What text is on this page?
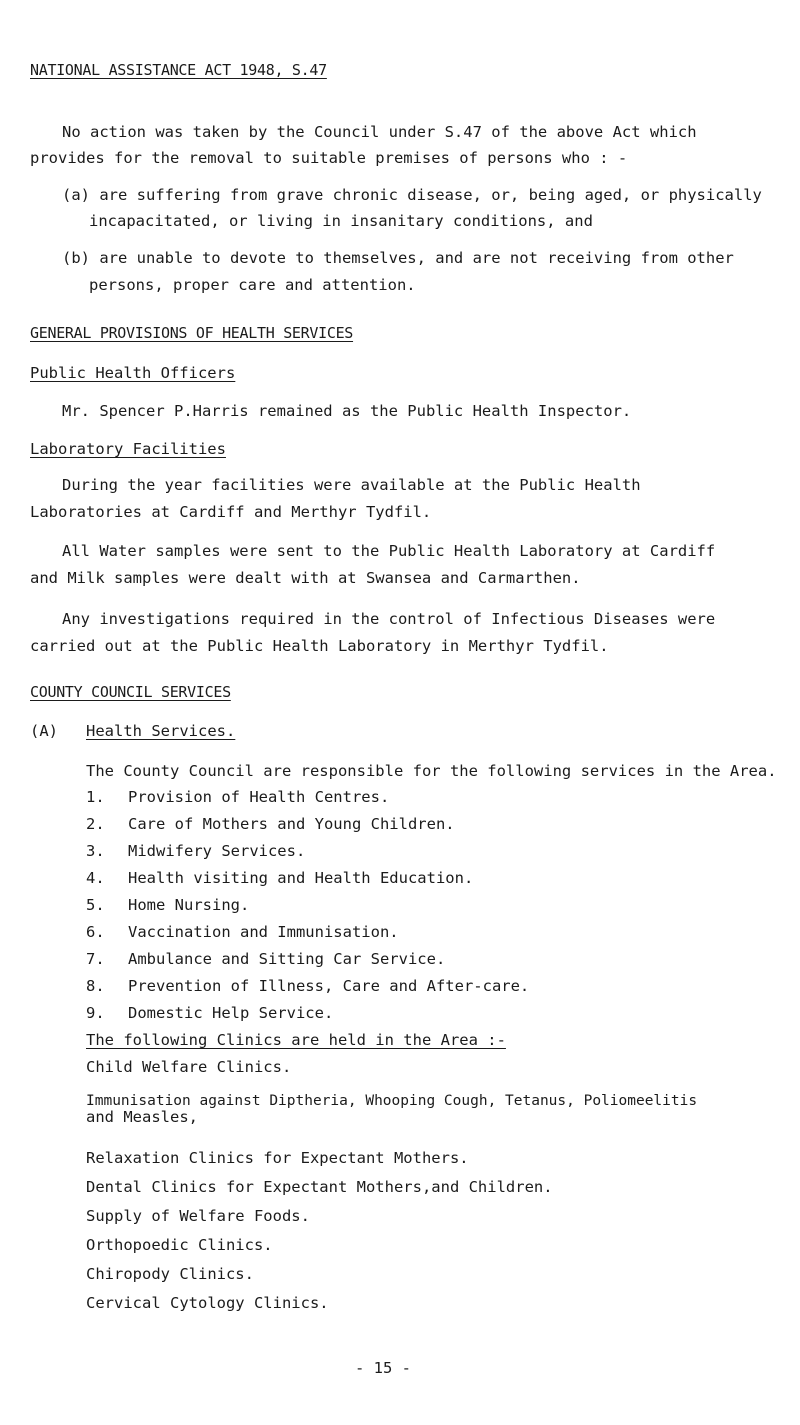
NATIONAL ASSISTANCE ACT 1948, S.47
No action was taken by the Council under S.47 of the above Act which
provides for the removal to suitable premises of persons who : -
(a) are suffering from grave chronic disease, or, being aged, or physically
incapacitated, or living in insanitary conditions, and
(b) are unable to devote to themselves, and are not receiving from other
persons, proper care and attention.
GENERAL PROVISIONS OF HEALTH SERVICES
Public Health Officers
Mr. Spencer P.Harris remained as the Public Health Inspector.
Laboratory Facilities
During the year facilities were available at the Public Health
Laboratories at Cardiff and Merthyr Tydfil.
All Water samples were sent to the Public Health Laboratory at Cardiff
and Milk samples were dealt with at Swansea and Carmarthen.
Any investigations required in the control of Infectious Diseases were
carried out at the Public Health Laboratory in Merthyr Tydfil.
COUNTY COUNCIL SERVICES
(A) Health Services.
The County Council are responsible for the following services in the Area.
1. Provision of Health Centres.
2. Care of Mothers and Young Children.
3. Midwifery Services.
4. Health visiting and Health Education.
5. Home Nursing.
6. Vaccination and Immunisation.
7. Ambulance and Sitting Car Service.
8. Prevention of Illness, Care and After-care.
9. Domestic Help Service.
The following Clinics are held in the Area :-
Child Welfare Clinics.
Immunisation against Diptheria, Whooping Cough, Tetanus, Poliomeelitis
and Measles,
Relaxation Clinics for Expectant Mothers.
Dental Clinics for Expectant Mothers,and Children.
Supply of Welfare Foods.
Orthopoedic Clinics.
Chiropody Clinics.
Cervical Cytology Clinics.
- 15 -
